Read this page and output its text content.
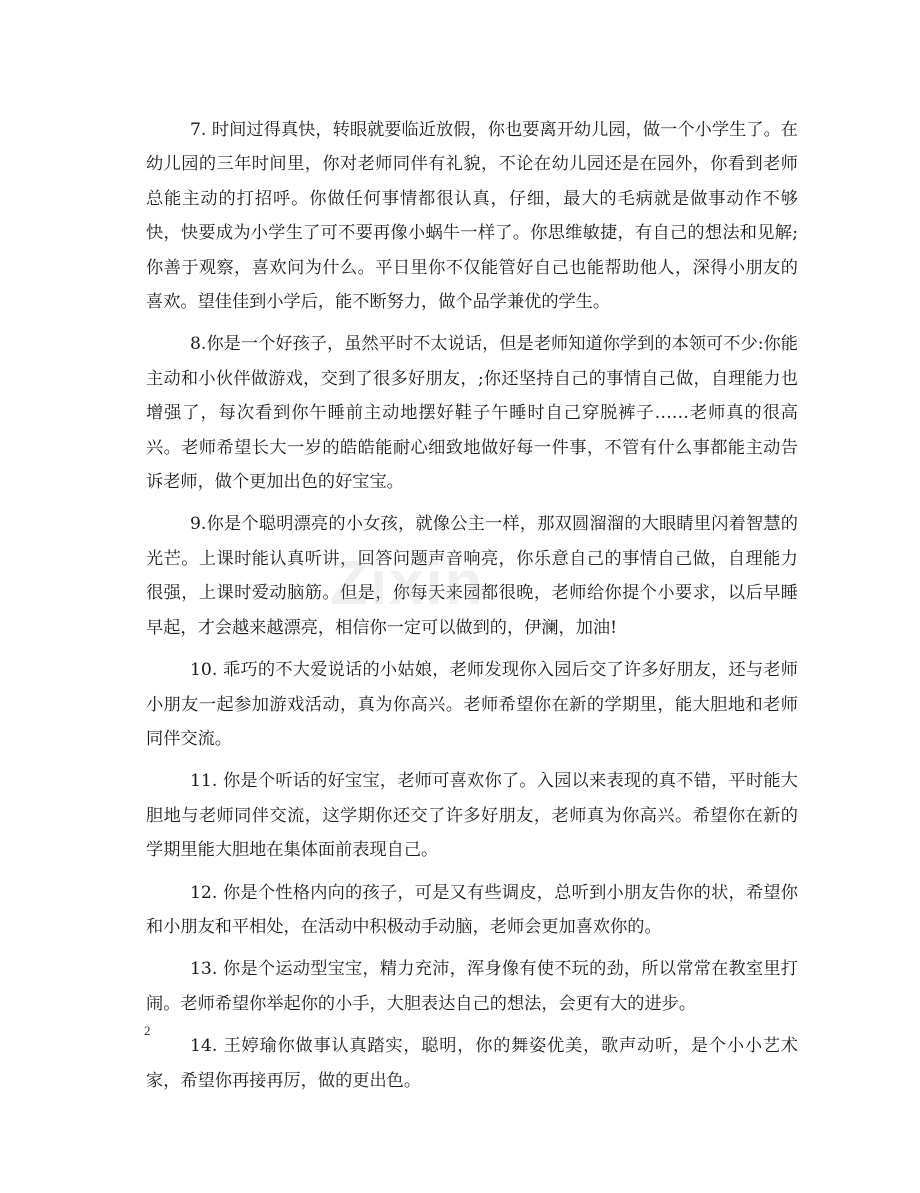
7. 时间过得真快，转眼就要临近放假，你也要离开幼儿园，做一个小学生了。在幼儿园的三年时间里，你对老师同伴有礼貌，不论在幼儿园还是在园外，你看到老师总能主动的打招呼。你做任何事情都很认真，仔细，最大的毛病就是做事动作不够快，快要成为小学生了可不要再像小蜗牛一样了。你思维敏捷，有自己的想法和见解;你善于观察，喜欢问为什么。平日里你不仅能管好自己也能帮助他人，深得小朋友的喜欢。望佳佳到小学后，能不断努力，做个品学兼优的学生。

8.你是一个好孩子，虽然平时不太说话，但是老师知道你学到的本领可不少:你能主动和小伙伴做游戏，交到了很多好朋友，;你还坚持自己的事情自己做，自理能力也增强了，每次看到你午睡前主动地摆好鞋子午睡时自己穿脱裤子……老师真的很高兴。老师希望长大一岁的皓皓能耐心细致地做好每一件事，不管有什么事都能主动告诉老师，做个更加出色的好宝宝。

9.你是个聪明漂亮的小女孩，就像公主一样，那双圆溜溜的大眼睛里闪着智慧的光芒。上课时能认真听讲，回答问题声音响亮，你乐意自己的事情自己做，自理能力很强，上课时爱动脑筋。但是，你每天来园都很晚，老师给你提个小要求，以后早睡早起，才会越来越漂亮，相信你一定可以做到的，伊澜，加油!

10. 乖巧的不大爱说话的小姑娘，老师发现你入园后交了许多好朋友，还与老师小朋友一起参加游戏活动，真为你高兴。老师希望你在新的学期里，能大胆地和老师同伴交流。

11. 你是个听话的好宝宝，老师可喜欢你了。入园以来表现的真不错，平时能大胆地与老师同伴交流，这学期你还交了许多好朋友，老师真为你高兴。希望你在新的学期里能大胆地在集体面前表现自己。

12. 你是个性格内向的孩子，可是又有些调皮，总听到小朋友告你的状，希望你和小朋友和平相处，在活动中积极动手动脑，老师会更加喜欢你的。

13. 你是个运动型宝宝，精力充沛，浑身像有使不玩的劲，所以常常在教室里打闹。老师希望你举起你的小手，大胆表达自己的想法，会更有大的进步。

14. 王婷瑜你做事认真踏实，聪明，你的舞姿优美，歌声动听，是个小小艺术家，希望你再接再厉，做的更出色。

Zixin
2
